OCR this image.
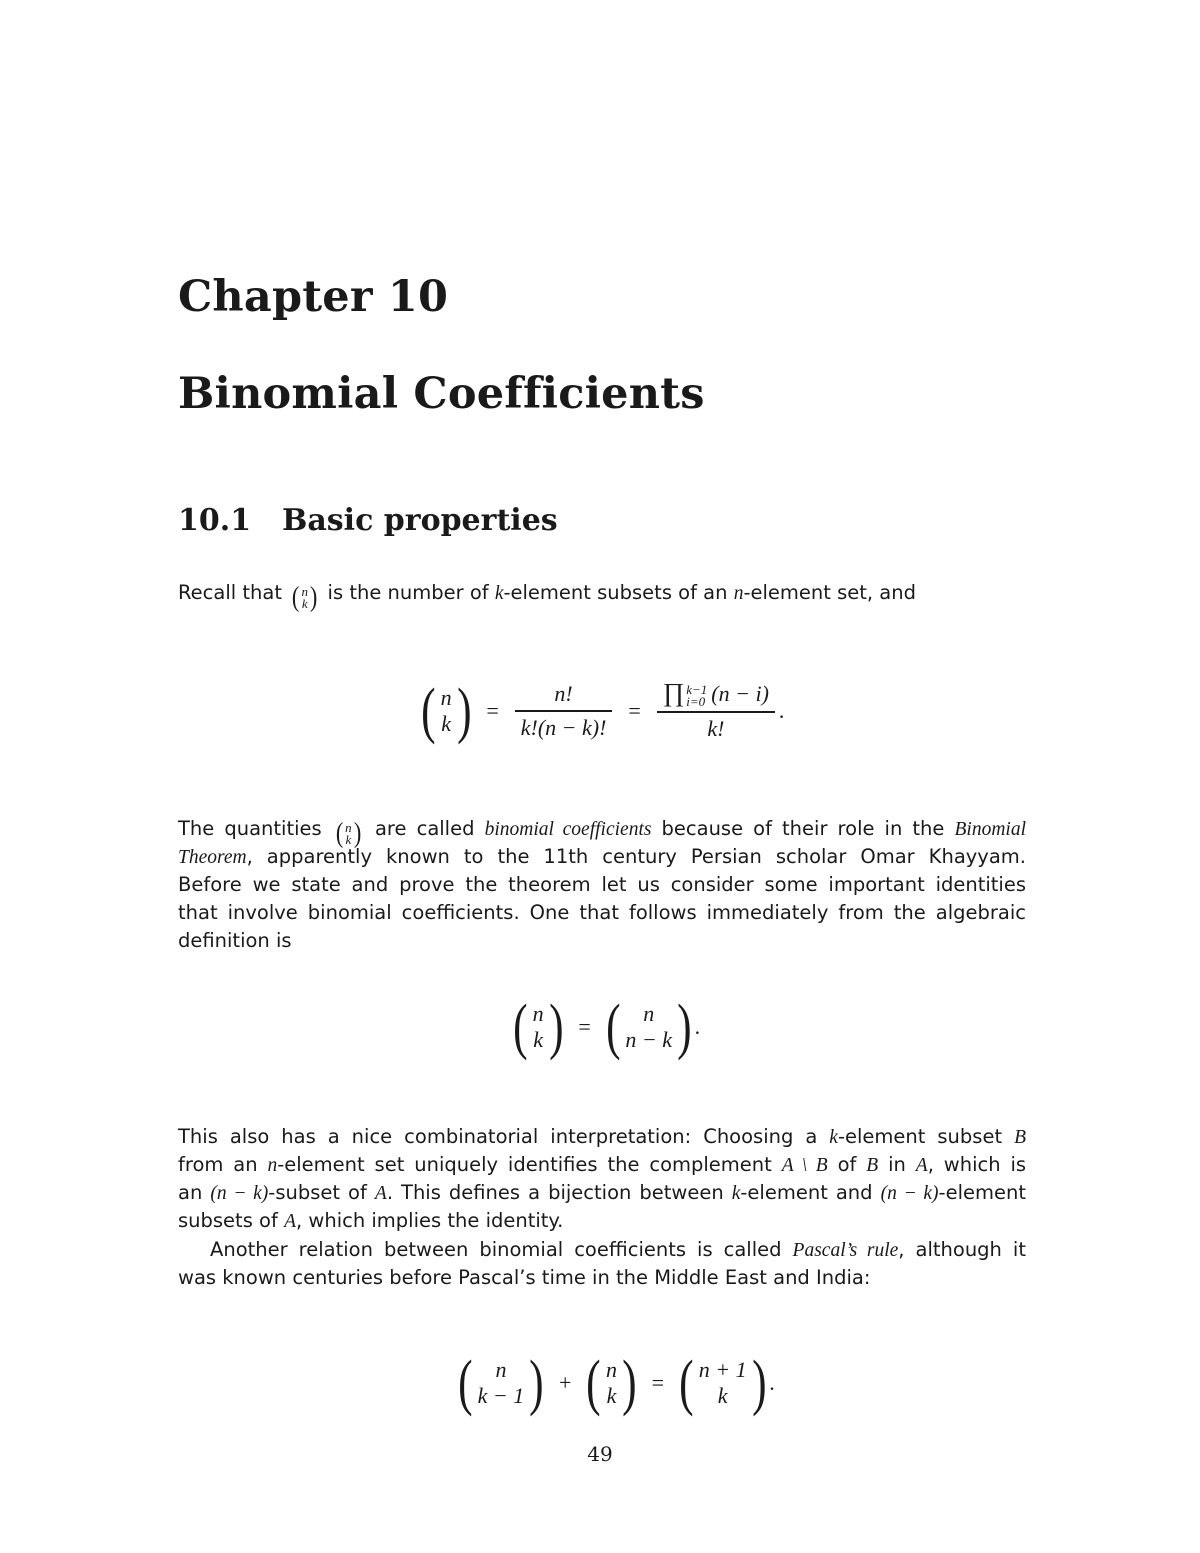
Chapter 10
Binomial Coefficients
10.1 Basic properties
Recall that ( n
k ) is the number of k-element subsets of an n-element set, and
( n
k ) = $\frac{n!}{k!(n - k)!}$ = ∏ k−1
i=0 (n − i)
k! .
The quantities ( n
k ) are called binomial coefficients because of their role in the Binomial
Theorem, apparently known to the 11th century Persian scholar Omar Khayyam.
Before we state and prove the theorem let us consider some important identities
that involve binomial coefficients. One that follows immediately from the algebraic
definition is
( n
k ) = ( n
n − k ) .
This also has a nice combinatorial interpretation: Choosing a k-element subset B
from an n-element set uniquely identifies the complement A \ B of B in A, which is
an (n − k)-subset of A. This defines a bijection between k-element and (n − k)-element
subsets of A, which implies the identity.
Another relation between binomial coefficients is called Pascal’s rule, although it
was known centuries before Pascal’s time in the Middle East and India:
( n
k − 1 ) + ( n
k ) = ( n + 1
k ) .
49
